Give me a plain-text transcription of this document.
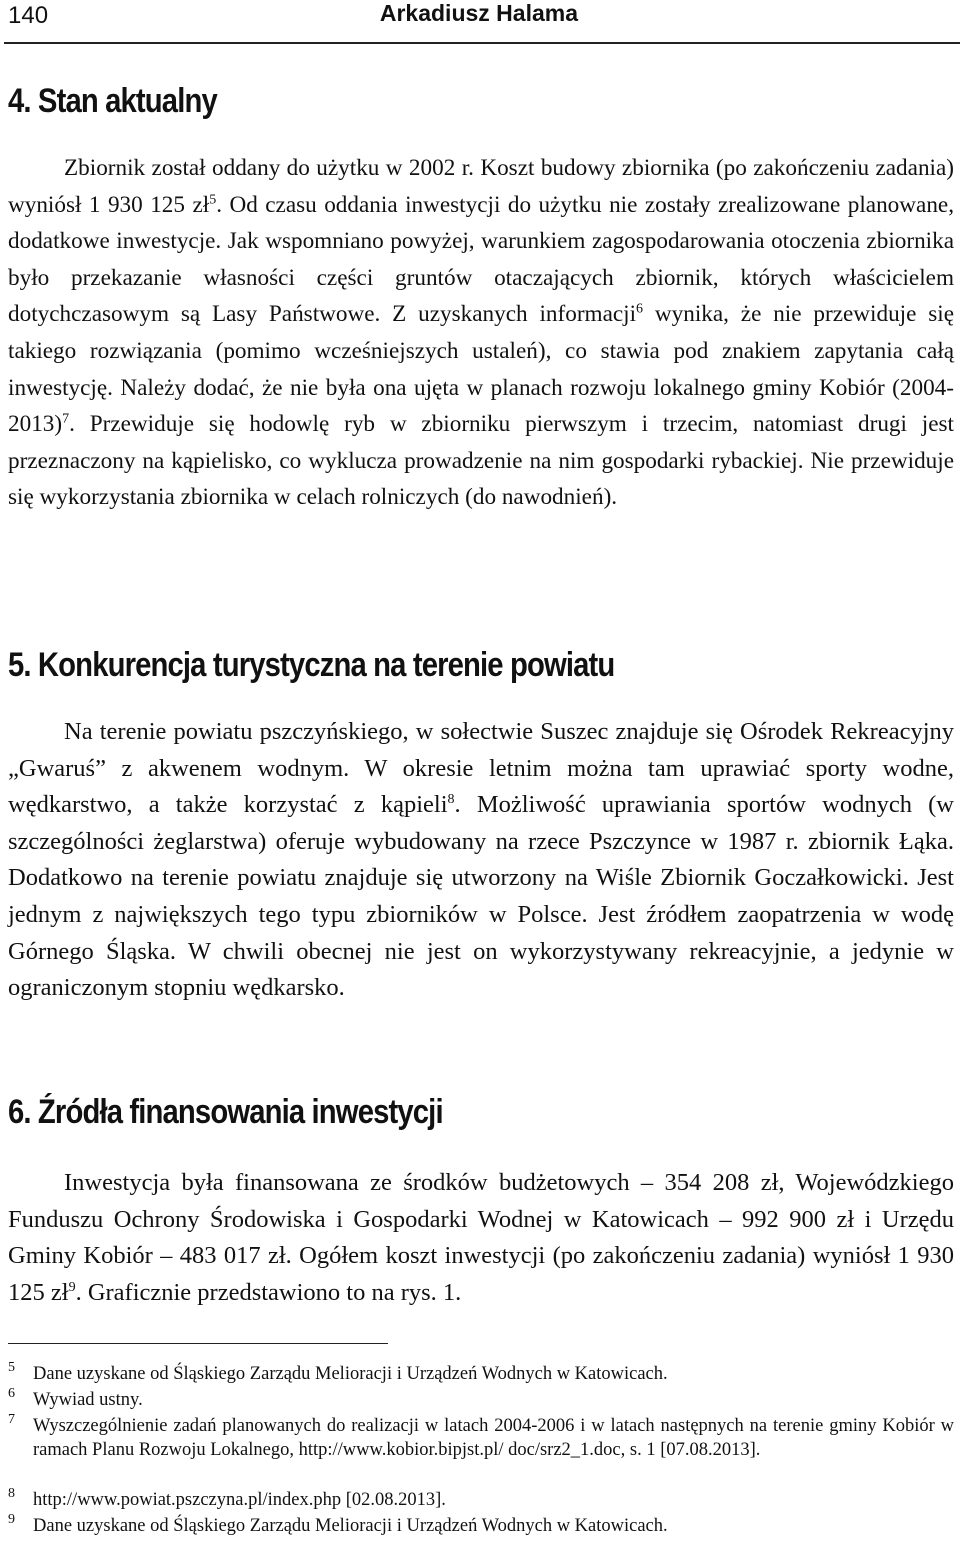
140	Arkadiusz Halama
4. Stan aktualny

Zbiornik został oddany do użytku w 2002 r. Koszt budowy zbiornika (po zakończeniu zadania) wyniósł 1 930 125 $zł^5$. Od czasu oddania inwestycji do użytku nie zostały zrealizowane planowane, dodatkowe inwestycje. Jak wspomniano powyżej, warunkiem zagospodarowania otoczenia zbiornika było przekazanie własności części gruntów otaczających zbiornik, których właścicielem dotychczasowym są Lasy Państwowe. Z uzyskanych informacji$^6$ wynika, że nie przewiduje się takiego rozwiązania (pomimo wcześniejszych ustaleń), co stawia pod znakiem zapytania całą inwestycję. Należy dodać, że nie była ona ujęta w planach rozwoju lokalnego gminy Kobiór (2004-2013)$^7$. Przewiduje się hodowlę ryb w zbiorniku pierwszym i trzecim, natomiast drugi jest przeznaczony na kąpielisko, co wyklucza prowadzenie na nim gospodarki rybackiej. Nie przewiduje się wykorzystania zbiornika w celach rolniczych (do nawodnień).

5. Konkurencja turystyczna na terenie powiatu

Na terenie powiatu pszczyńskiego, w sołectwie Suszec znajduje się Ośrodek Rekreacyjny „Gwaruś” z akwenem wodnym. W okresie letnim można tam uprawiać sporty wodne, wędkarstwo, a także korzystać z kąpieli$^8$. Możliwość uprawiania sportów wodnych (w szczególności żeglarstwa) oferuje wybudowany na rzece Pszczynce w 1987 r. zbiornik Łąka. Dodatkowo na terenie powiatu znajduje się utworzony na Wiśle Zbiornik Goczałkowicki. Jest jednym z największych tego typu zbiorników w Polsce. Jest źródłem zaopatrzenia w wodę Górnego Śląska. W chwili obecnej nie jest on wykorzystywany rekreacyjnie, a jedynie w ograniczonym stopniu wędkarsko.

6. Źródła finansowania inwestycji

Inwestycja była finansowana ze środków budżetowych – 354 208 zł, Wojewódzkiego Funduszu Ochrony Środowiska i Gospodarki Wodnej w Katowicach – 992 900 zł i Urzędu Gminy Kobiór – 483 017 zł. Ogółem koszt inwestycji (po zakończeniu zadania) wyniósł 1 930 125 $zł^9$. Graficznie przedstawiono to na rys. 1.

5 Dane uzyskane od Śląskiego Zarządu Melioracji i Urządzeń Wodnych w Katowicach.
6 Wywiad ustny.
7 Wyszczególnienie zadań planowanych do realizacji w latach 2004-2006 i w latach następnych na terenie gminy Kobiór w ramach Planu Rozwoju Lokalnego, http://www.kobior.bipjst.pl/ doc/srz2_1.doc, s. 1 [07.08.2013].
8 http://www.powiat.pszczyna.pl/index.php [02.08.2013].
9 Dane uzyskane od Śląskiego Zarządu Melioracji i Urządzeń Wodnych w Katowicach.
